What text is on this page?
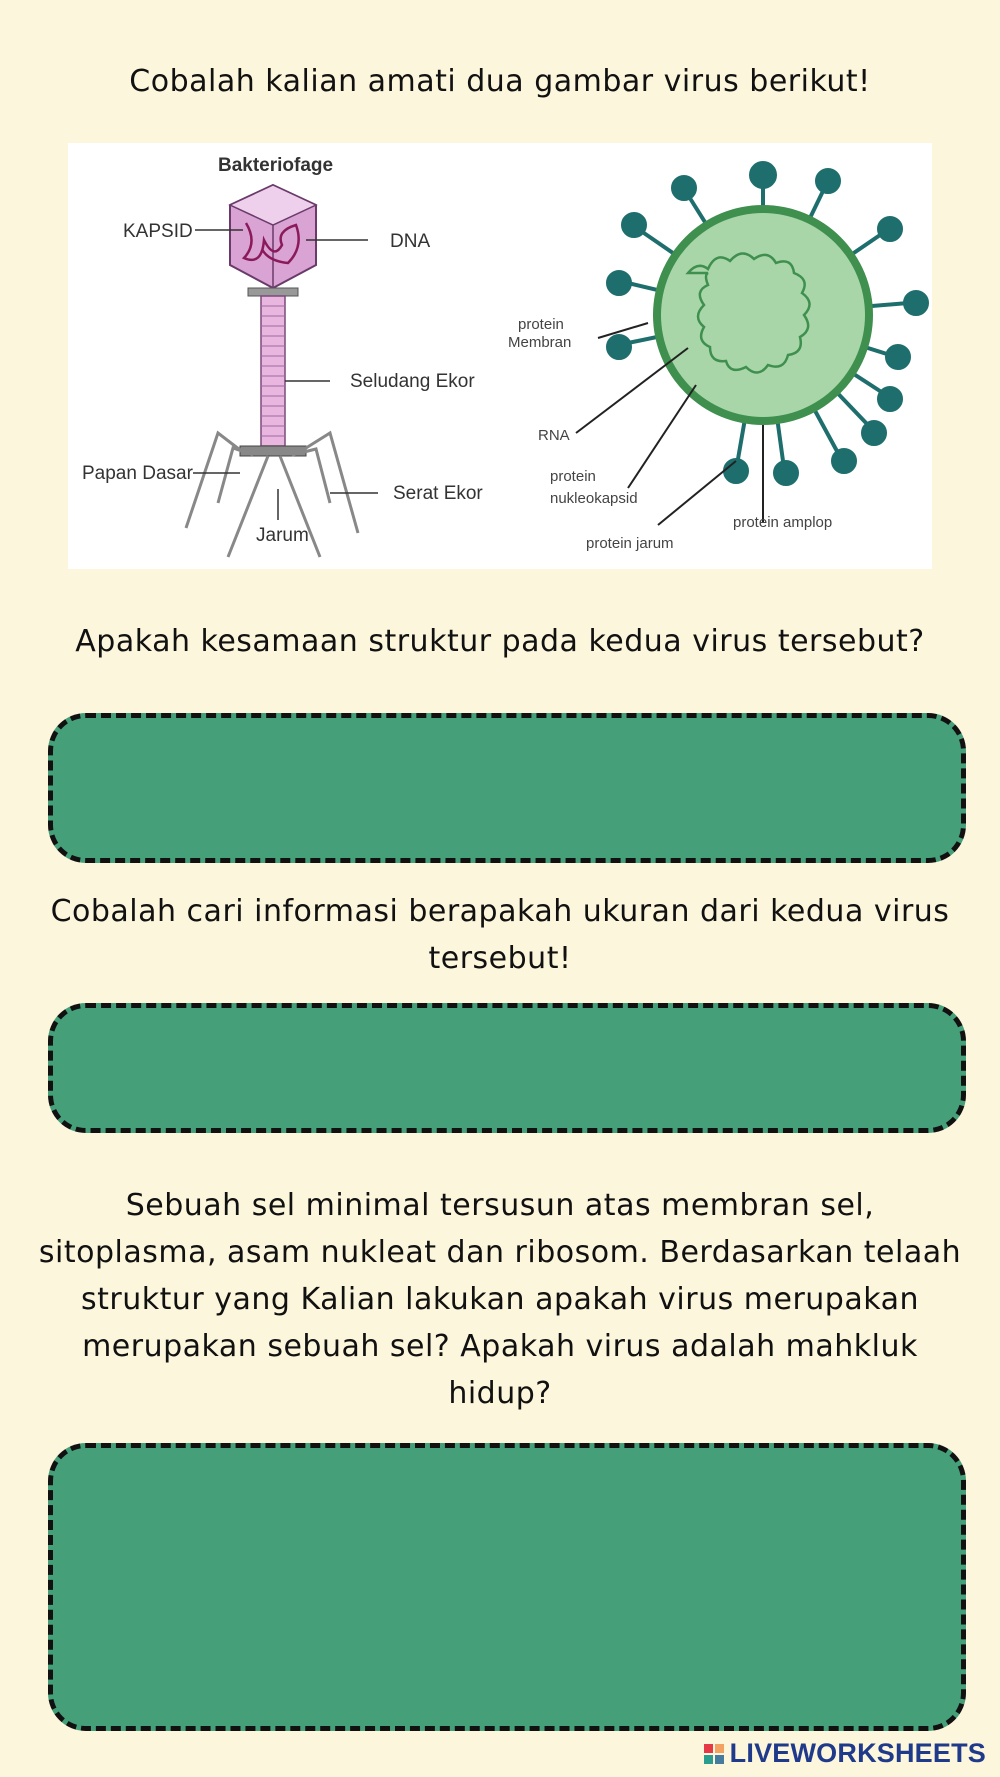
Cobalah kalian amati dua gambar virus berikut!
Bakteriofage
KAPSID	DNA
Seludang Ekor
Papan Dasar
Serat Ekor
Jarum
protein
Membran
RNA
protein
nukleokapsid
protein jarum
protein amplop
Apakah kesamaan struktur pada kedua virus tersebut?
Cobalah cari informasi berapakah ukuran dari kedua virus
tersebut!
Sebuah sel minimal tersusun atas membran sel,
sitoplasma, asam nukleat dan ribosom. Berdasarkan telaah
struktur yang Kalian lakukan apakah virus merupakan
merupakan sebuah sel? Apakah virus adalah mahkluk
hidup?
LIVEWORKSHEETS
